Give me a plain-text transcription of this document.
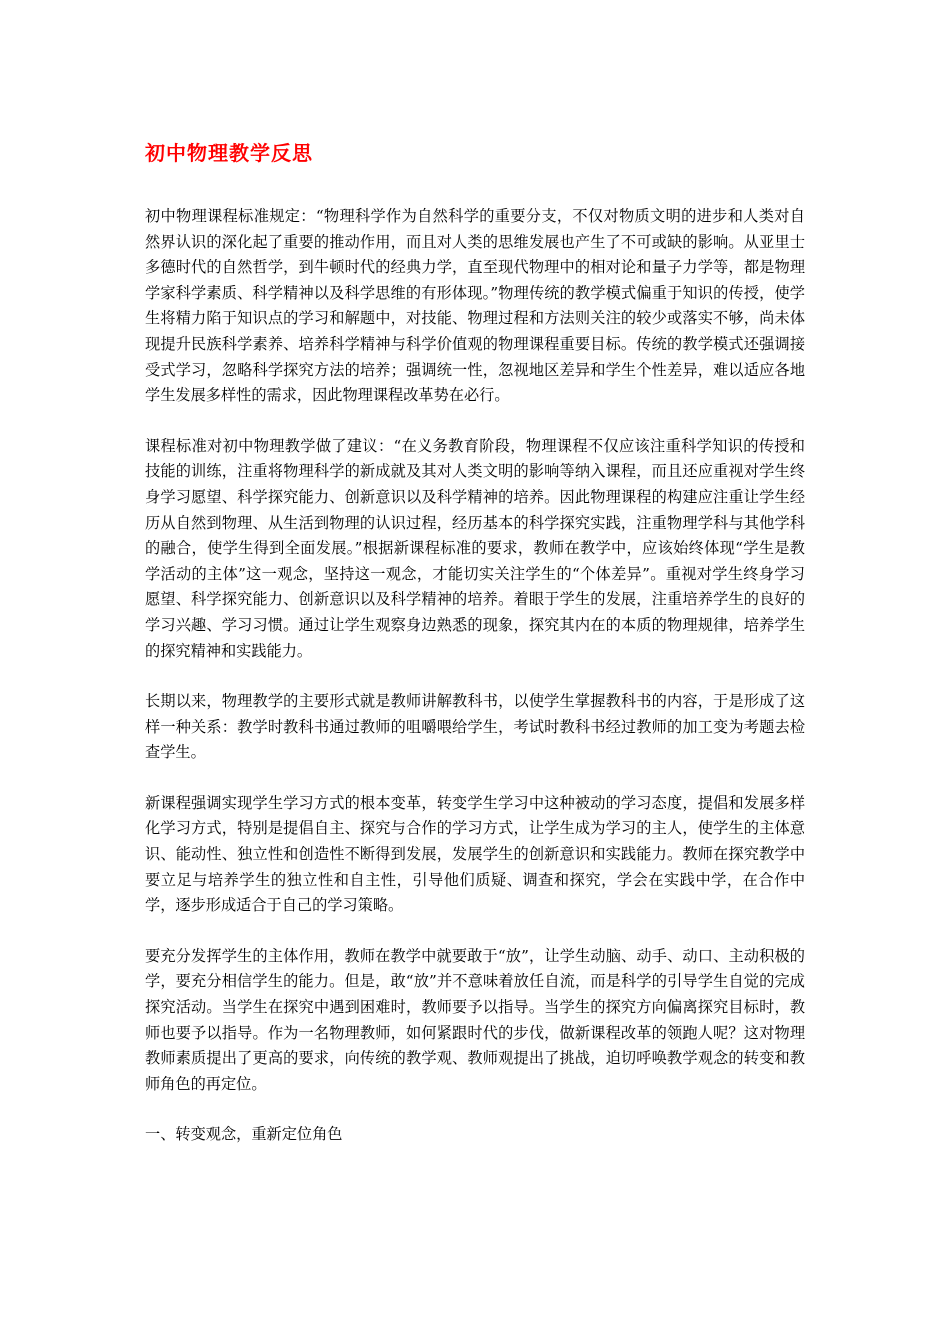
初中物理教学反思

初中物理课程标准规定：“物理科学作为自然科学的重要分支，不仅对物质文明的进步和人类对自然界认识的深化起了重要的推动作用，而且对人类的思维发展也产生了不可或缺的影响。从亚里士多德时代的自然哲学，到牛顿时代的经典力学，直至现代物理中的相对论和量子力学等，都是物理学家科学素质、科学精神以及科学思维的有形体现。”物理传统的教学模式偏重于知识的传授，使学生将精力陷于知识点的学习和解题中，对技能、物理过程和方法则关注的较少或落实不够，尚未体现提升民族科学素养、培养科学精神与科学价值观的物理课程重要目标。传统的教学模式还强调接受式学习，忽略科学探究方法的培养；强调统一性，忽视地区差异和学生个性差异，难以适应各地学生发展多样性的需求，因此物理课程改革势在必行。

课程标准对初中物理教学做了建议：“在义务教育阶段，物理课程不仅应该注重科学知识的传授和技能的训练，注重将物理科学的新成就及其对人类文明的影响等纳入课程，而且还应重视对学生终身学习愿望、科学探究能力、创新意识以及科学精神的培养。因此物理课程的构建应注重让学生经历从自然到物理、从生活到物理的认识过程，经历基本的科学探究实践，注重物理学科与其他学科的融合，使学生得到全面发展。”根据新课程标准的要求，教师在教学中，应该始终体现“学生是教学活动的主体”这一观念，坚持这一观念，才能切实关注学生的“个体差异”。重视对学生终身学习愿望、科学探究能力、创新意识以及科学精神的培养。着眼于学生的发展，注重培养学生的良好的学习兴趣、学习习惯。通过让学生观察身边熟悉的现象，探究其内在的本质的物理规律，培养学生的探究精神和实践能力。

长期以来，物理教学的主要形式就是教师讲解教科书，以使学生掌握教科书的内容，于是形成了这样一种关系：教学时教科书通过教师的咀嚼喂给学生，考试时教科书经过教师的加工变为考题去检查学生。

新课程强调实现学生学习方式的根本变革，转变学生学习中这种被动的学习态度，提倡和发展多样化学习方式，特别是提倡自主、探究与合作的学习方式，让学生成为学习的主人，使学生的主体意识、能动性、独立性和创造性不断得到发展，发展学生的创新意识和实践能力。教师在探究教学中要立足与培养学生的独立性和自主性，引导他们质疑、调查和探究，学会在实践中学，在合作中学，逐步形成适合于自己的学习策略。

要充分发挥学生的主体作用，教师在教学中就要敢于“放”，让学生动脑、动手、动口、主动积极的学，要充分相信学生的能力。但是，敢“放”并不意味着放任自流，而是科学的引导学生自觉的完成探究活动。当学生在探究中遇到困难时，教师要予以指导。当学生的探究方向偏离探究目标时，教师也要予以指导。作为一名物理教师，如何紧跟时代的步伐，做新课程改革的领跑人呢？这对物理教师素质提出了更高的要求，向传统的教学观、教师观提出了挑战，迫切呼唤教学观念的转变和教师角色的再定位。

一、转变观念，重新定位角色
